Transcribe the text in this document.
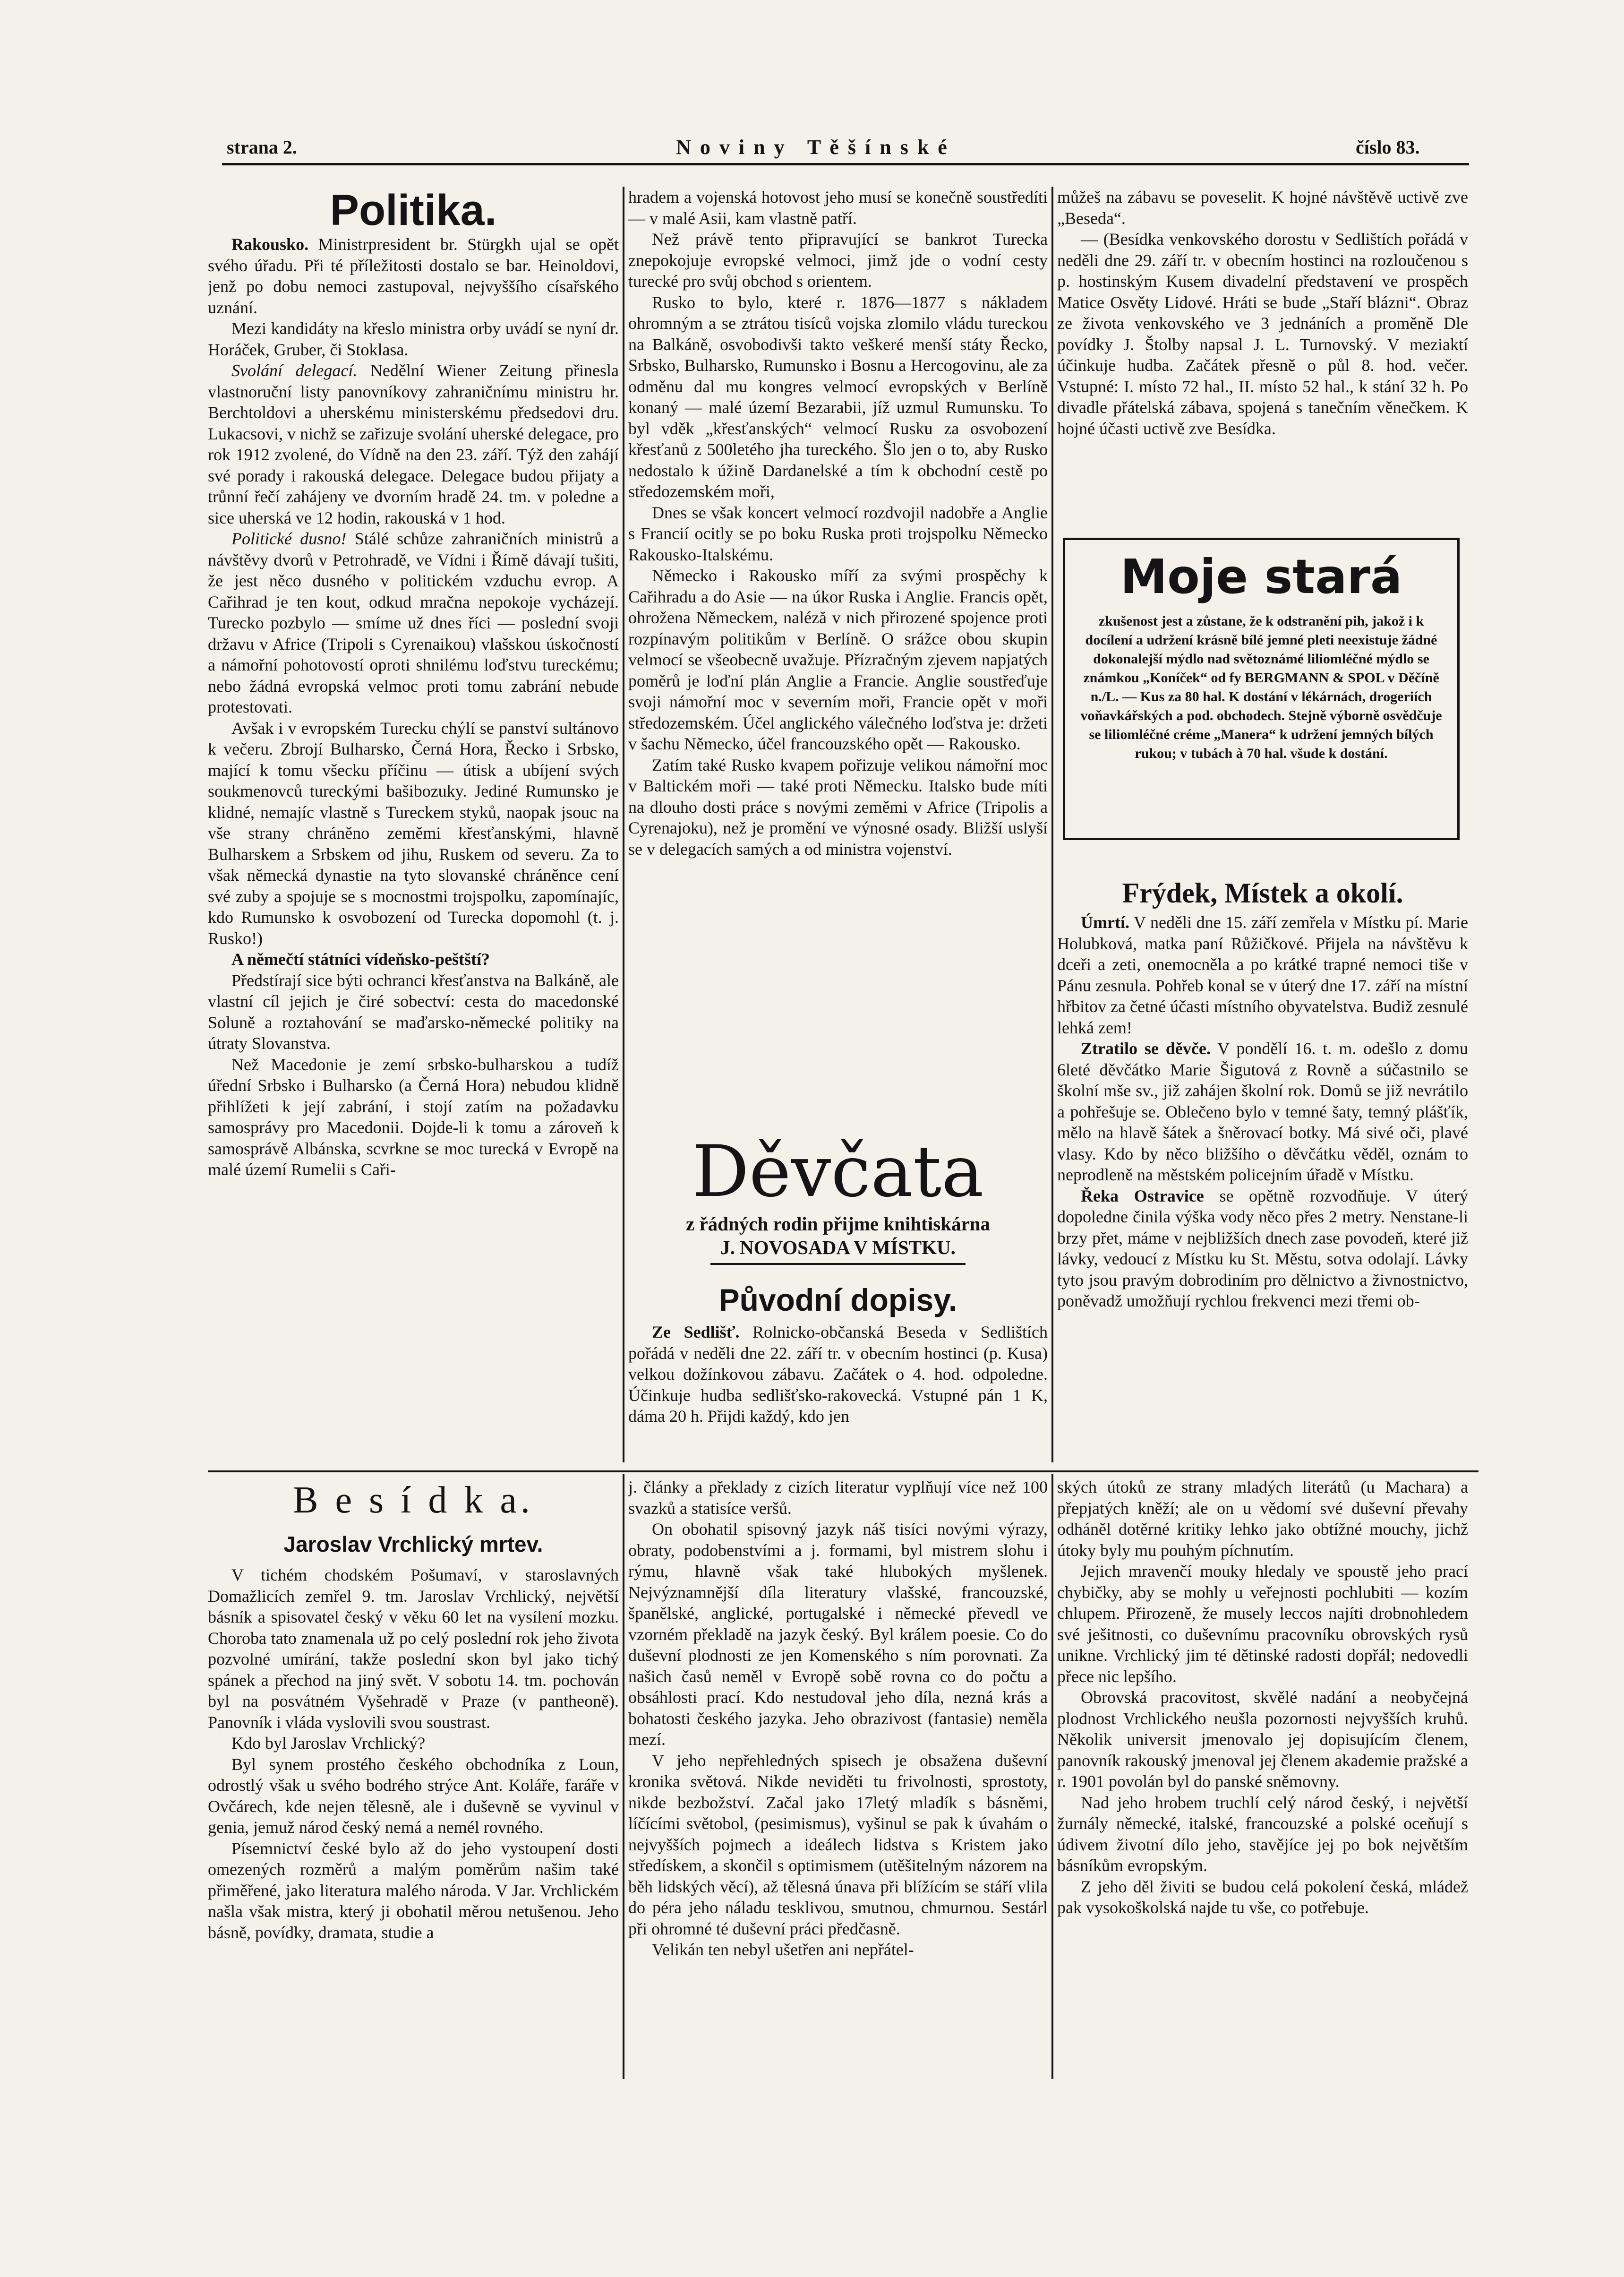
strana 2.	N o v i n y   T ě š í n s k é	číslo 83.
Politika.

Rakousko. Ministrpresident br. Stürgkh ujal se opět svého úřadu. Při té příležitosti dostalo se bar. Heinoldovi, jenž po dobu nemoci zastupoval, nejvyššího císařského uznání.

Mezi kandidáty na křeslo ministra orby uvádí se nyní dr. Horáček, Gruber, či Stoklasa.

Svolání delegací. Nedělní Wiener Zeitung přinesla vlastnoruční listy panovníkovy zahraničnímu ministru hr. Berchtoldovi a uherskému ministerskému předsedovi dru. Lukacsovi, v nichž se zařizuje svolání uherské delegace, pro rok 1912 zvolené, do Vídně na den 23. září. Týž den zahájí své porady i rakouská delegace. Delegace budou přijaty a trůnní řečí zahájeny ve dvorním hradě 24. tm. v poledne a sice uherská ve 12 hodin, rakouská v 1 hod.

Politické dusno! Stálé schůze zahraničních ministrů a návštěvy dvorů v Petrohradě, ve Vídni i Římě dávají tušiti, že jest něco dusného v politickém vzduchu evrop. A Cařihrad je ten kout, odkud mračna nepokoje vycházejí. Turecko pozbylo — smíme už dnes říci — poslední svoji državu v Africe (Tripoli s Cyrenaikou) vlašskou úskočností a námořní pohotovostí oproti shnilému loďstvu tureckému; nebo žádná evropská velmoc proti tomu zabrání nebude protestovati.

Avšak i v evropském Turecku chýlí se panství sultánovo k večeru. Zbrojí Bulharsko, Černá Hora, Řecko i Srbsko, mající k tomu všecku příčinu — útisk a ubíjení svých soukmenovců tureckými bašibozuky. Jediné Rumunsko je klidné, nemajíc vlastně s Tureckem styků, naopak jsouc na vše strany chráněno zeměmi křesťanskými, hlavně Bulharskem a Srbskem od jihu, Ruskem od severu. Za to však německá dynastie na tyto slovanské chráněnce cení své zuby a spojuje se s mocnostmi trojspolku, zapomínajíc, kdo Rumunsko k osvobození od Turecka dopomohl (t. j. Rusko!)

A němečtí státníci vídeňsko-peštští?

Předstírají sice býti ochranci křesťanstva na Balkáně, ale vlastní cíl jejich je čiré sobectví: cesta do macedonské Soluně a roztahování se maďarsko-německé politiky na útraty Slovanstva.

Než Macedonie je zemí srbsko-bulharskou a tudíž úřední Srbsko i Bulharsko (a Černá Hora) nebudou klidně přihlížeti k její zabrání, i stojí zatím na požadavku samosprávy pro Macedonii. Dojde-li k tomu a zároveň k samosprávě Albánska, scvrkne se moc turecká v Evropě na malé území Rumelii s Caři-

hradem a vojenská hotovost jeho musí se konečně soustředíti — v malé Asii, kam vlastně patří.

Než právě tento připravující se bankrot Turecka znepokojuje evropské velmoci, jimž jde o vodní cesty turecké pro svůj obchod s orientem.

Rusko to bylo, které r. 1876—1877 s nákladem ohromným a se ztrátou tisíců vojska zlomilo vládu tureckou na Balkáně, osvobodivši takto veškeré menší státy Řecko, Srbsko, Bulharsko, Rumunsko i Bosnu a Hercogovinu, ale za odměnu dal mu kongres velmocí evropských v Berlíně konaný — malé území Bezarabii, jíž uzmul Rumunsku. To byl vděk „křesťanských“ velmocí Rusku za osvobození křesťanů z 500letého jha tureckého. Šlo jen o to, aby Rusko nedostalo k úžině Dardanelské a tím k obchodní cestě po středozemském moři,

Dnes se však koncert velmocí rozdvojil nadobře a Anglie s Francií ocitly se po boku Ruska proti trojspolku Německo Rakousko-Italskému.

Německo i Rakousko míří za svými prospěchy k Cařihradu a do Asie — na úkor Ruska i Anglie. Francis opět, ohrožena Německem, naléză v nich přirozené spojence proti rozpínavým politikům v Berlíně. O srážce obou skupin velmocí se všeobecně uvažuje. Přízračným zjevem napjatých poměrů je loďní plán Anglie a Francie. Anglie soustřeďuje svoji námořní moc v severním moři, Francie opět v moři středozemském. Účel anglického válečného loďstva je: držeti v šachu Německo, účel francouzského opět — Rakousko.

Zatím také Rusko kvapem pořizuje velikou námořní moc v Baltickém moři — také proti Německu. Italsko bude míti na dlouho dosti práce s novými zeměmi v Africe (Tripolis a Cyrenajoku), než je promění ve výnosné osady. Bližší uslyší se v delegacích samých a od ministra vojenství.

Děvčata
z řádných rodin přijme knihtiskárna
J. NOVOSADA V MÍSTKU.
Původní dopisy.

Ze Sedlišť. Rolnicko-občanská Beseda v Sedlištích pořádá v neděli dne 22. září tr. v obecním hostinci (p. Kusa) velkou dožínkovou zábavu. Začátek o 4. hod. odpoledne. Účinkuje hudba sedlišťsko-rakovecká. Vstupné pán 1 K, dáma 20 h. Přijdi každý, kdo jen

můžeš na zábavu se poveselit. K hojné návštěvě uctivě zve „Beseda“.

— (Besídka venkovského dorostu v Sedlištích pořádá v neděli dne 29. září tr. v obecním hostinci na rozloučenou s p. hostinským Kusem divadelní představení ve prospěch Matice Osvěty Lidové. Hráti se bude „Staří blázni“. Obraz ze života venkovského ve 3 jednáních a proměně Dle povídky J. Štolby napsal J. L. Turnovský. V meziaktí účinkuje hudba. Začátek přesně o půl 8. hod. večer. Vstupné: I. místo 72 hal., II. místo 52 hal., k stání 32 h. Po divadle přátelská zábava, spojená s tanečním věnečkem. K hojné účasti uctivě zve Besídka.

Moje stará
zkušenost jest a zůstane, že k odstranění pih, jakož i k docílení a udržení krásně bílé jemné pleti neexistuje žádné dokonalejší mýdlo nad světoznámé liliomléčné mýdlo se známkou „Koníček“ od fy BERGMANN & SPOL v Děčíně n./L. — Kus za 80 hal. K dostání v lékárnách, drogeriích voňavkářských a pod. obchodech. Stejně výborně osvědčuje se liliomléčné créme „Manera“ k udržení jemných bílých rukou; v tubách à 70 hal. všude k dostání.
Frýdek, Místek a okolí.

Úmrtí. V neděli dne 15. září zemřela v Místku pí. Marie Holubková, matka paní Růžičkové. Přijela na návštěvu k dceři a zeti, onemocněla a po krátké trapné nemoci tiše v Pánu zesnula. Pohřeb konal se v úterý dne 17. září na místní hřbitov za četné účasti místního obyvatelstva. Budiž zesnulé lehká zem!

Ztratilo se děvče. V pondělí 16. t. m. odešlo z domu 6leté děvčátko Marie Šigutová z Rovně a súčastnilo se školní mše sv., již zahájen školní rok. Domů se již nevrátilo a pohřešuje se. Oblečeno bylo v temné šaty, temný plášťík, mělo na hlavě šátek a šněrovací botky. Má sivé oči, plavé vlasy. Kdo by něco bližšího o děvčátku věděl, oznám to neprodleně na městském policejním úřadě v Místku.

Řeka Ostravice se opětně rozvodňuje. V úterý dopoledne činila výška vody něco přes 2 metry. Nenstane-li brzy přet, máme v nejbližších dnech zase povodeň, které již lávky, vedoucí z Místku ku St. Městu, sotva odolají. Lávky tyto jsou pravým dobrodiním pro dělnictvo a živnostnictvo, poněvadž umožňují rychlou frekvenci mezi třemi ob-

B e s í d k a.
Jaroslav Vrchlický mrtev.

V tichém chodském Pošumaví, v staroslavných Domažlicích zemřel 9. tm. Jaroslav Vrchlický, největší básník a spisovatel český v věku 60 let na vysílení mozku. Choroba tato znamenala už po celý poslední rok jeho života pozvolné umírání, takže poslední skon byl jako tichý spánek a přechod na jiný svět. V sobotu 14. tm. pochován byl na posvátném Vyšehradě v Praze (v pantheoně). Panovník i vláda vyslovili svou soustrast.

Kdo byl Jaroslav Vrchlický?

Byl synem prostého českého obchodníka z Loun, odrostlý však u svého bodrého strýce Ant. Koláře, faráře v Ovčárech, kde nejen tělesně, ale i duševně se vyvinul v genia, jemuž národ český nemá a nemél rovného.

Písemnictví české bylo až do jeho vystoupení dosti omezených rozměrů a malým poměrům našim také přiměřené, jako literatura malého národa. V Jar. Vrchlickém našla však mistra, který ji obohatil měrou netušenou. Jeho básně, povídky, dramata, studie a

j. články a překlady z cizích literatur vyplňují více než 100 svazků a statisíce veršů.

On obohatil spisovný jazyk náš tisíci novými výrazy, obraty, podobenstvími a j. formami, byl mistrem slohu i rýmu, hlavně však také hlubokých myšlenek. Nejvýznamnější díla literatury vlašské, francouzské, španělské, anglické, portugalské i německé převedl ve vzorném překladě na jazyk český. Byl králem poesie. Co do duševní plodnosti ze jen Komenského s ním porovnati. Za našich časů neměl v Evropě sobě rovna co do počtu a obsáhlosti prací. Kdo nestudoval jeho díla, nezná krás a bohatosti českého jazyka. Jeho obrazivost (fantasie) neměla mezí.

V jeho nepřehledných spisech je obsažena duševní kronika světová. Nikde neviděti tu frivolnosti, sprostoty, nikde bezbožství. Začal jako 17letý mladík s básněmi, líčícími světobol, (pesimismus), vyšinul se pak k úvahám o nejvyšších pojmech a ideálech lidstva s Kristem jako středískem, a skončil s optimismem (utěšitelným názorem na běh lidských věcí), až tělesná únava při blížícím se stáří vlila do péra jeho náladu tesklivou, smutnou, chmurnou. Sestárl při ohromné té duševní práci předčasně.

Velikán ten nebyl ušetřen ani nepřátel-

ských útoků ze strany mladých literátů (u Machara) a přepjatých kněží; ale on u vědomí své duševní převahy odháněl dotěrné kritiky lehko jako obtížné mouchy, jichž útoky byly mu pouhým píchnutím.

Jejich mravenčí mouky hledaly ve spoustě jeho prací chybičky, aby se mohly u veřejnosti pochlubiti — kozím chlupem. Přirozeně, že musely leccos najíti drobnohledem své ješitnosti, co duševnímu pracovníku obrovských rysů unikne. Vrchlický jim té dětinské radosti dopřál; nedovedli přece nic lepšího.

Obrovská pracovitost, skvělé nadání a neobyčejná plodnost Vrchlického neušla pozornosti nejvyšších kruhů. Několik universit jmenovalo jej dopisujícím členem, panovník rakouský jmenoval jej členem akademie pražské a r. 1901 povolán byl do panské sněmovny.

Nad jeho hrobem truchlí celý národ český, i největší žurnály německé, italské, francouzské a polské oceňují s údivem životní dílo jeho, stavějíce jej po bok největším básníkům evropským.

Z jeho děl živiti se budou celá pokolení česká, mládež pak vysokoškolská najde tu vše, co potřebuje.
